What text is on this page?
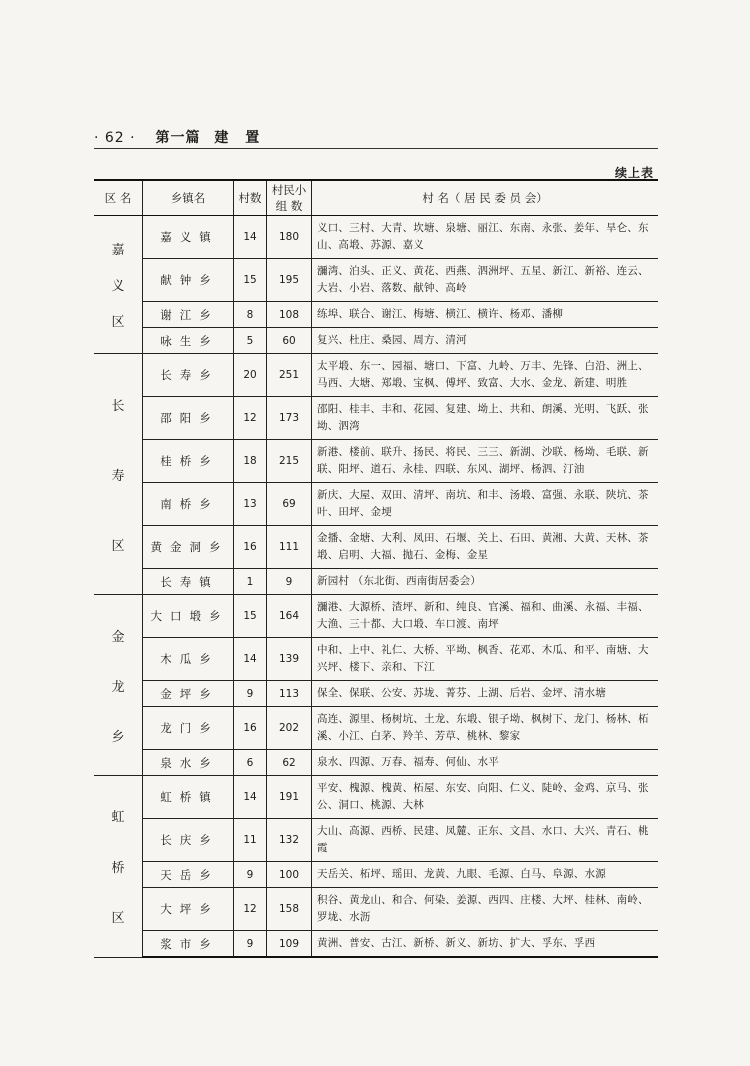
· 62 · 第一篇 建 置
续上表
区 名	乡镇名	村数	村民小 组 数	村 名（ 居 民 委 员 会）

嘉
义
区	嘉义镇	14	180	义口、三村、大青、坎塘、泉塘、丽江、东南、永张、姜年、旱仑、东山、高塅、苏源、嘉义
	献钟乡	15	195	瀰湾、泊头、正义、黄花、西燕、泗洲坪、五星、新江、新裕、连云、大岩、小岩、落数、献钟、高岭
	谢江乡	8	108	练埠、联合、谢江、梅塘、横江、横许、杨邓、潘柳
	咏生乡	5	60	复兴、杜庄、桑园、周方、清河

长
寿
区	长寿乡	20	251	太平塅、东一、园福、塘口、下富、九岭、万丰、先锋、白沿、洲上、马西、大塘、郑塅、宝枫、傅坪、致富、大水、金龙、新建、明胜
	邵阳乡	12	173	邵阳、桂丰、丰和、花园、复建、坳上、共和、朗溪、光明、飞跃、张坳、泗湾
	桂桥乡	18	215	新港、楼前、联升、扬民、将民、三三、新湖、沙联、杨坳、毛联、新联、阳坪、道石、永桂、四联、东风、湖坪、杨泗、汀油
	南桥乡	13	69	新庆、大屋、双田、清坪、南坑、和丰、汤塅、富强、永联、陕坑、茶叶、田坪、金埂
	黄金洞乡	16	111	金播、金塘、大利、凤田、石堰、关上、石田、黄湘、大黄、天林、茶塅、启明、大福、抛石、金梅、金星
	长寿镇	1	9	新园村 （东北街、西南街居委会）

金
龙
乡	大口塅乡	15	164	瀰港、大源桥、渣坪、新和、纯良、官溪、福和、曲溪、永福、丰福、大渔、三十都、大口塅、车口渡、南坪
	木瓜乡	14	139	中和、上中、礼仁、大桥、平坳、枫香、花邓、木瓜、和平、南塘、大兴坪、楼下、亲和、下江
	金坪乡	9	113	保全、保联、公安、苏垅、菁芬、上湖、后岩、金坪、清水塘
	龙门乡	16	202	高连、源里、杨树坑、土龙、东塅、银子坳、枫树下、龙门、杨林、柘溪、小江、白茅、羚羊、芳草、桃林、黎家
	泉水乡	6	62	泉水、四源、万春、福寿、何仙、水平

虹
桥
区	虹桥镇	14	191	平安、槐源、槐黄、柘屋、东安、向阳、仁义、陡岭、金鸡、京马、张公、洞口、桃源、大林
	长庆乡	11	132	大山、高源、西桥、民建、凤麓、正东、文昌、水口、大兴、青石、桃霞
	天岳乡	9	100	天岳关、柘坪、瑶田、龙黄、九眼、毛源、白马、阜源、水源
	大坪乡	12	158	积谷、黄龙山、和合、何染、姜源、西四、庄楼、大坪、桂林、南岭、罗垅、水沥
	浆市乡	9	109	黄洲、普安、古江、新桥、新义、新坊、扩大、孚东、孚西
